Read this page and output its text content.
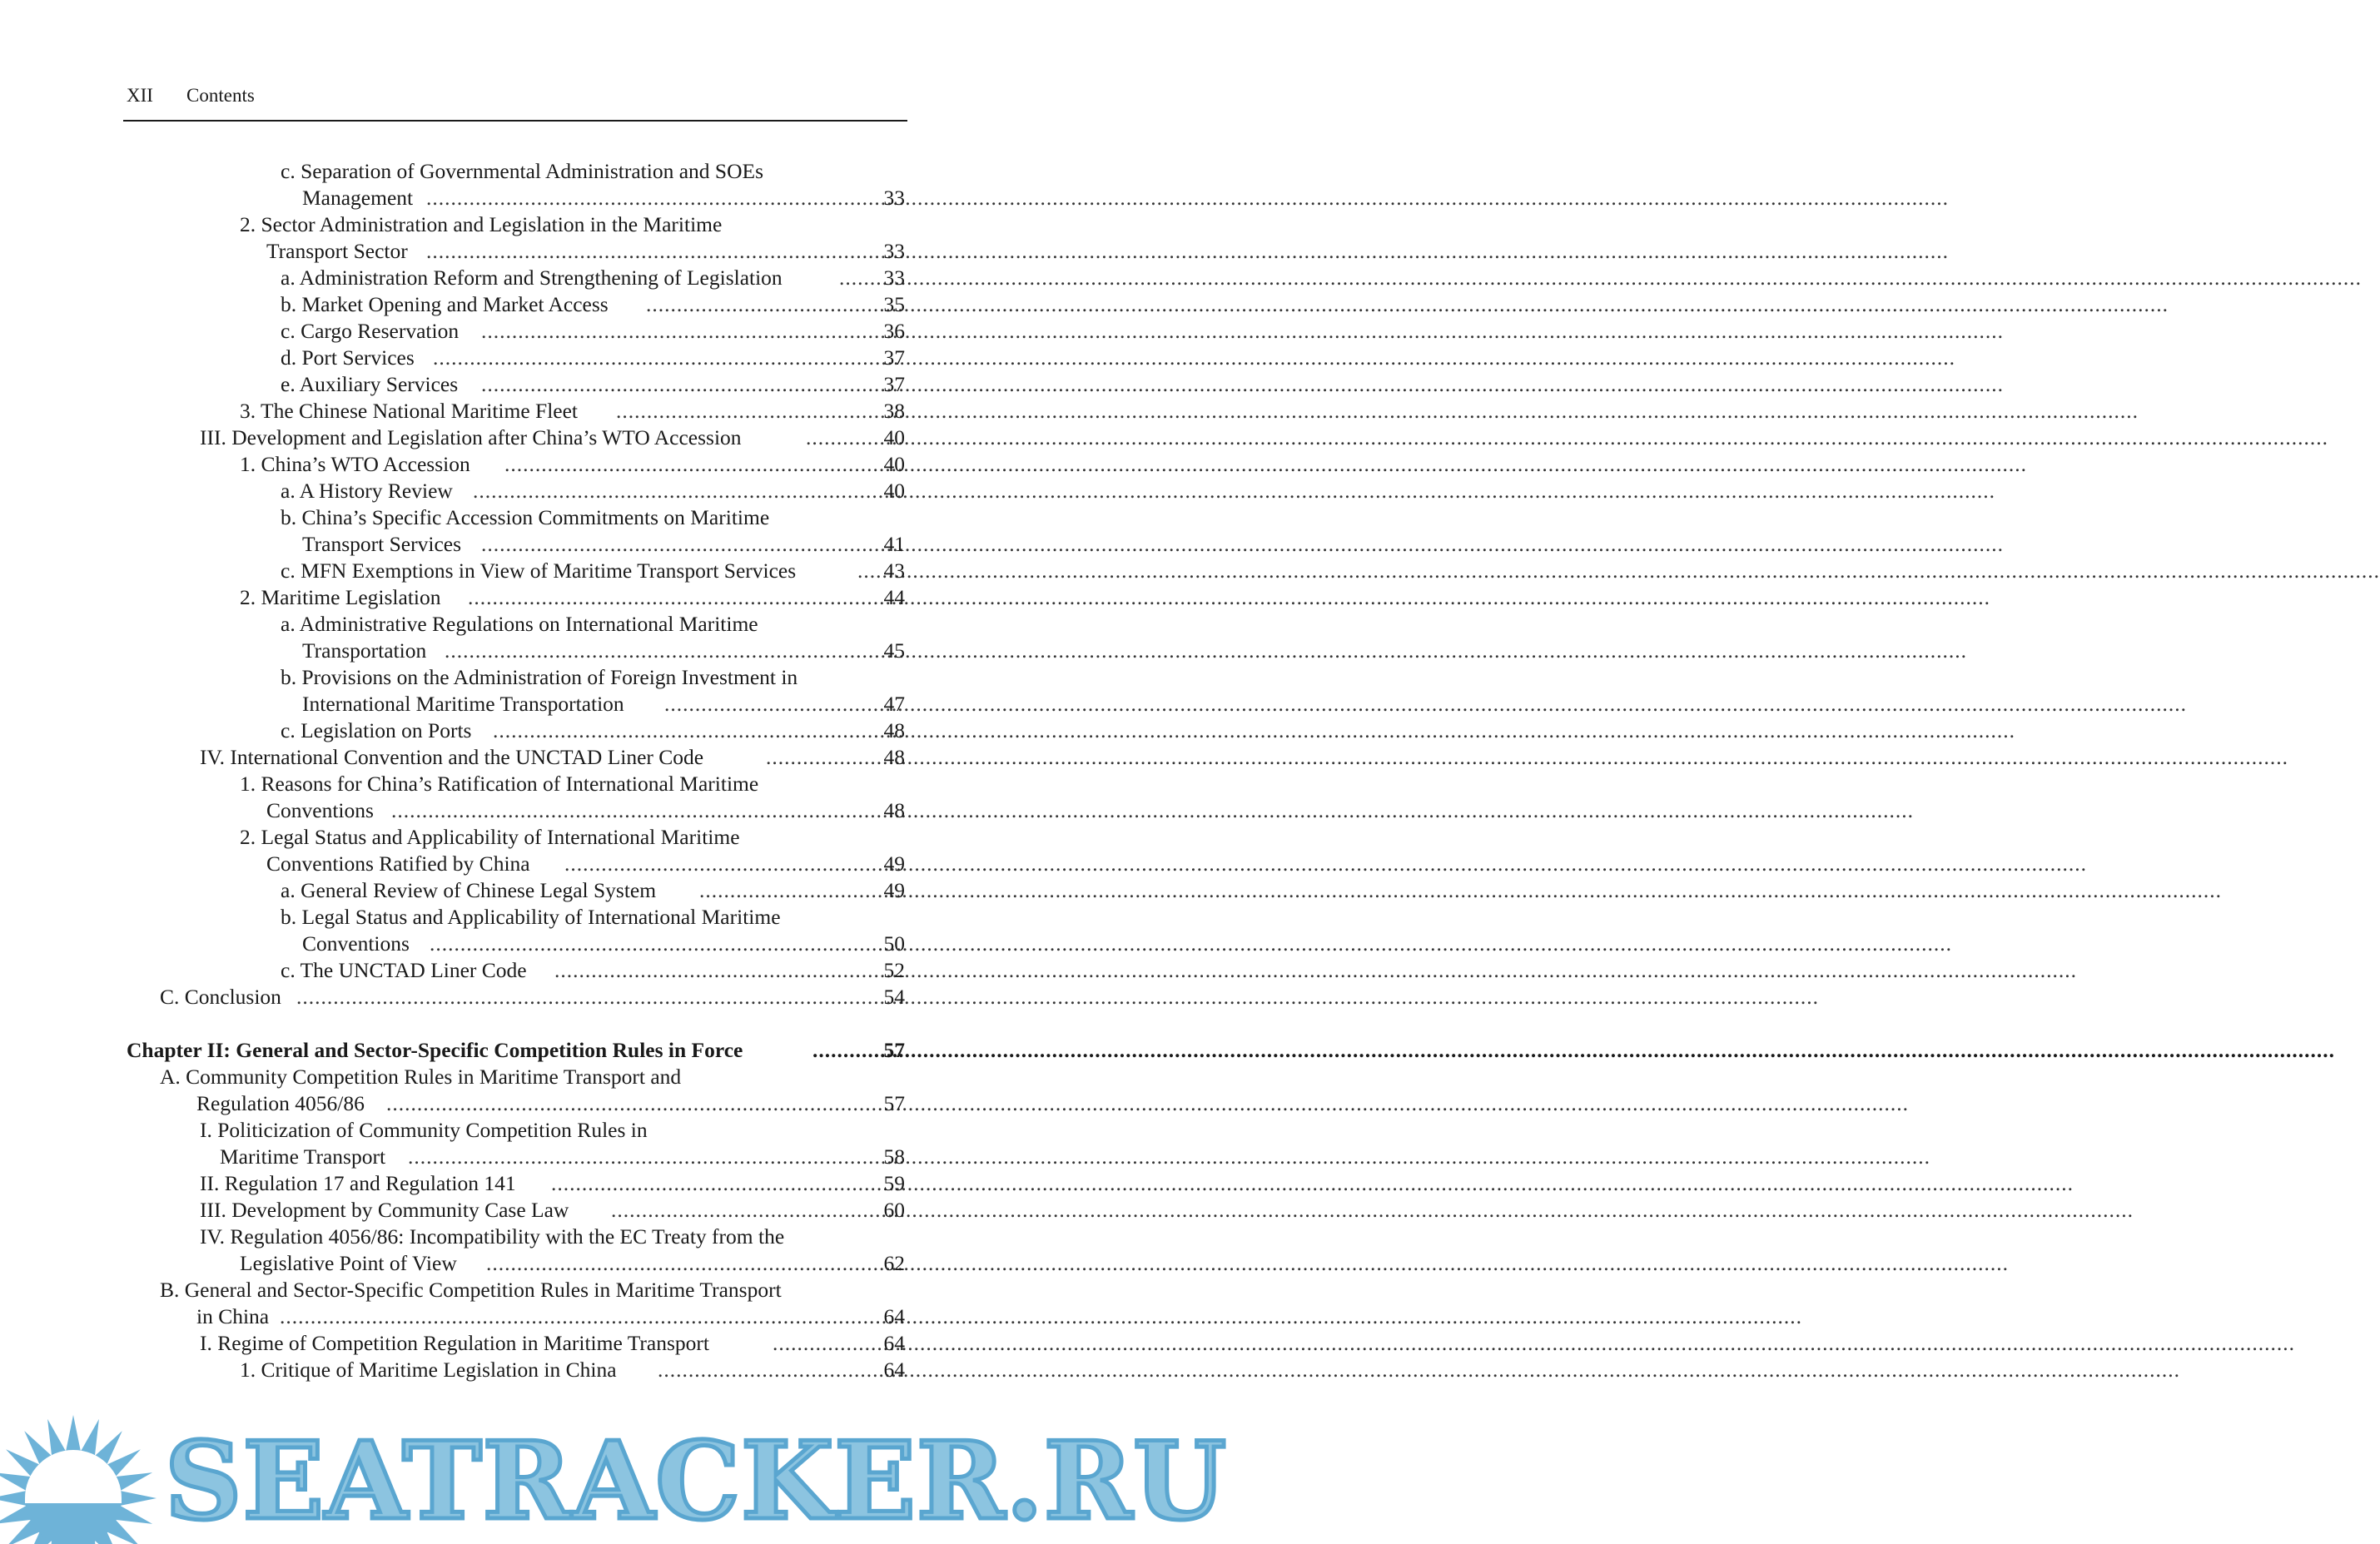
XII Contents
c. Separation of Governmental Administration and SOEs
Management .....	33
2. Sector Administration and Legislation in the Maritime
Transport Sector .....	33
a. Administration Reform and Strengthening of Legislation .....	33
b. Market Opening and Market Access .....	35
c. Cargo Reservation .....	36
d. Port Services .....	37
e. Auxiliary Services .....	37
3. The Chinese National Maritime Fleet .....	38
III. Development and Legislation after China’s WTO Accession .....	40
1. China’s WTO Accession .....	40
a. A History Review .....	40
b. China’s Specific Accession Commitments on Maritime
Transport Services .....	41
c. MFN Exemptions in View of Maritime Transport Services .....	43
2. Maritime Legislation .....	44
a. Administrative Regulations on International Maritime
Transportation .....	45
b. Provisions on the Administration of Foreign Investment in
International Maritime Transportation .....	47
c. Legislation on Ports .....	48
IV. International Convention and the UNCTAD Liner Code .....	48
1. Reasons for China’s Ratification of International Maritime
Conventions .....	48
2. Legal Status and Applicability of International Maritime
Conventions Ratified by China .....	49
a. General Review of Chinese Legal System .....	49
b. Legal Status and Applicability of International Maritime
Conventions .....	50
c. The UNCTAD Liner Code .....	52
C. Conclusion .....	54
Chapter II: General and Sector-Specific Competition Rules in Force .....	57
A. Community Competition Rules in Maritime Transport and
Regulation 4056/86 .....	57
I. Politicization of Community Competition Rules in
Maritime Transport .....	58
II. Regulation 17 and Regulation 141 .....	59
III. Development by Community Case Law .....	60
IV. Regulation 4056/86: Incompatibility with the EC Treaty from the
Legislative Point of View .....	62
B. General and Sector-Specific Competition Rules in Maritime Transport
in China .....	64
I. Regime of Competition Regulation in Maritime Transport .....	64
1. Critique of Maritime Legislation in China .....	64
SEATRACKER.RU
